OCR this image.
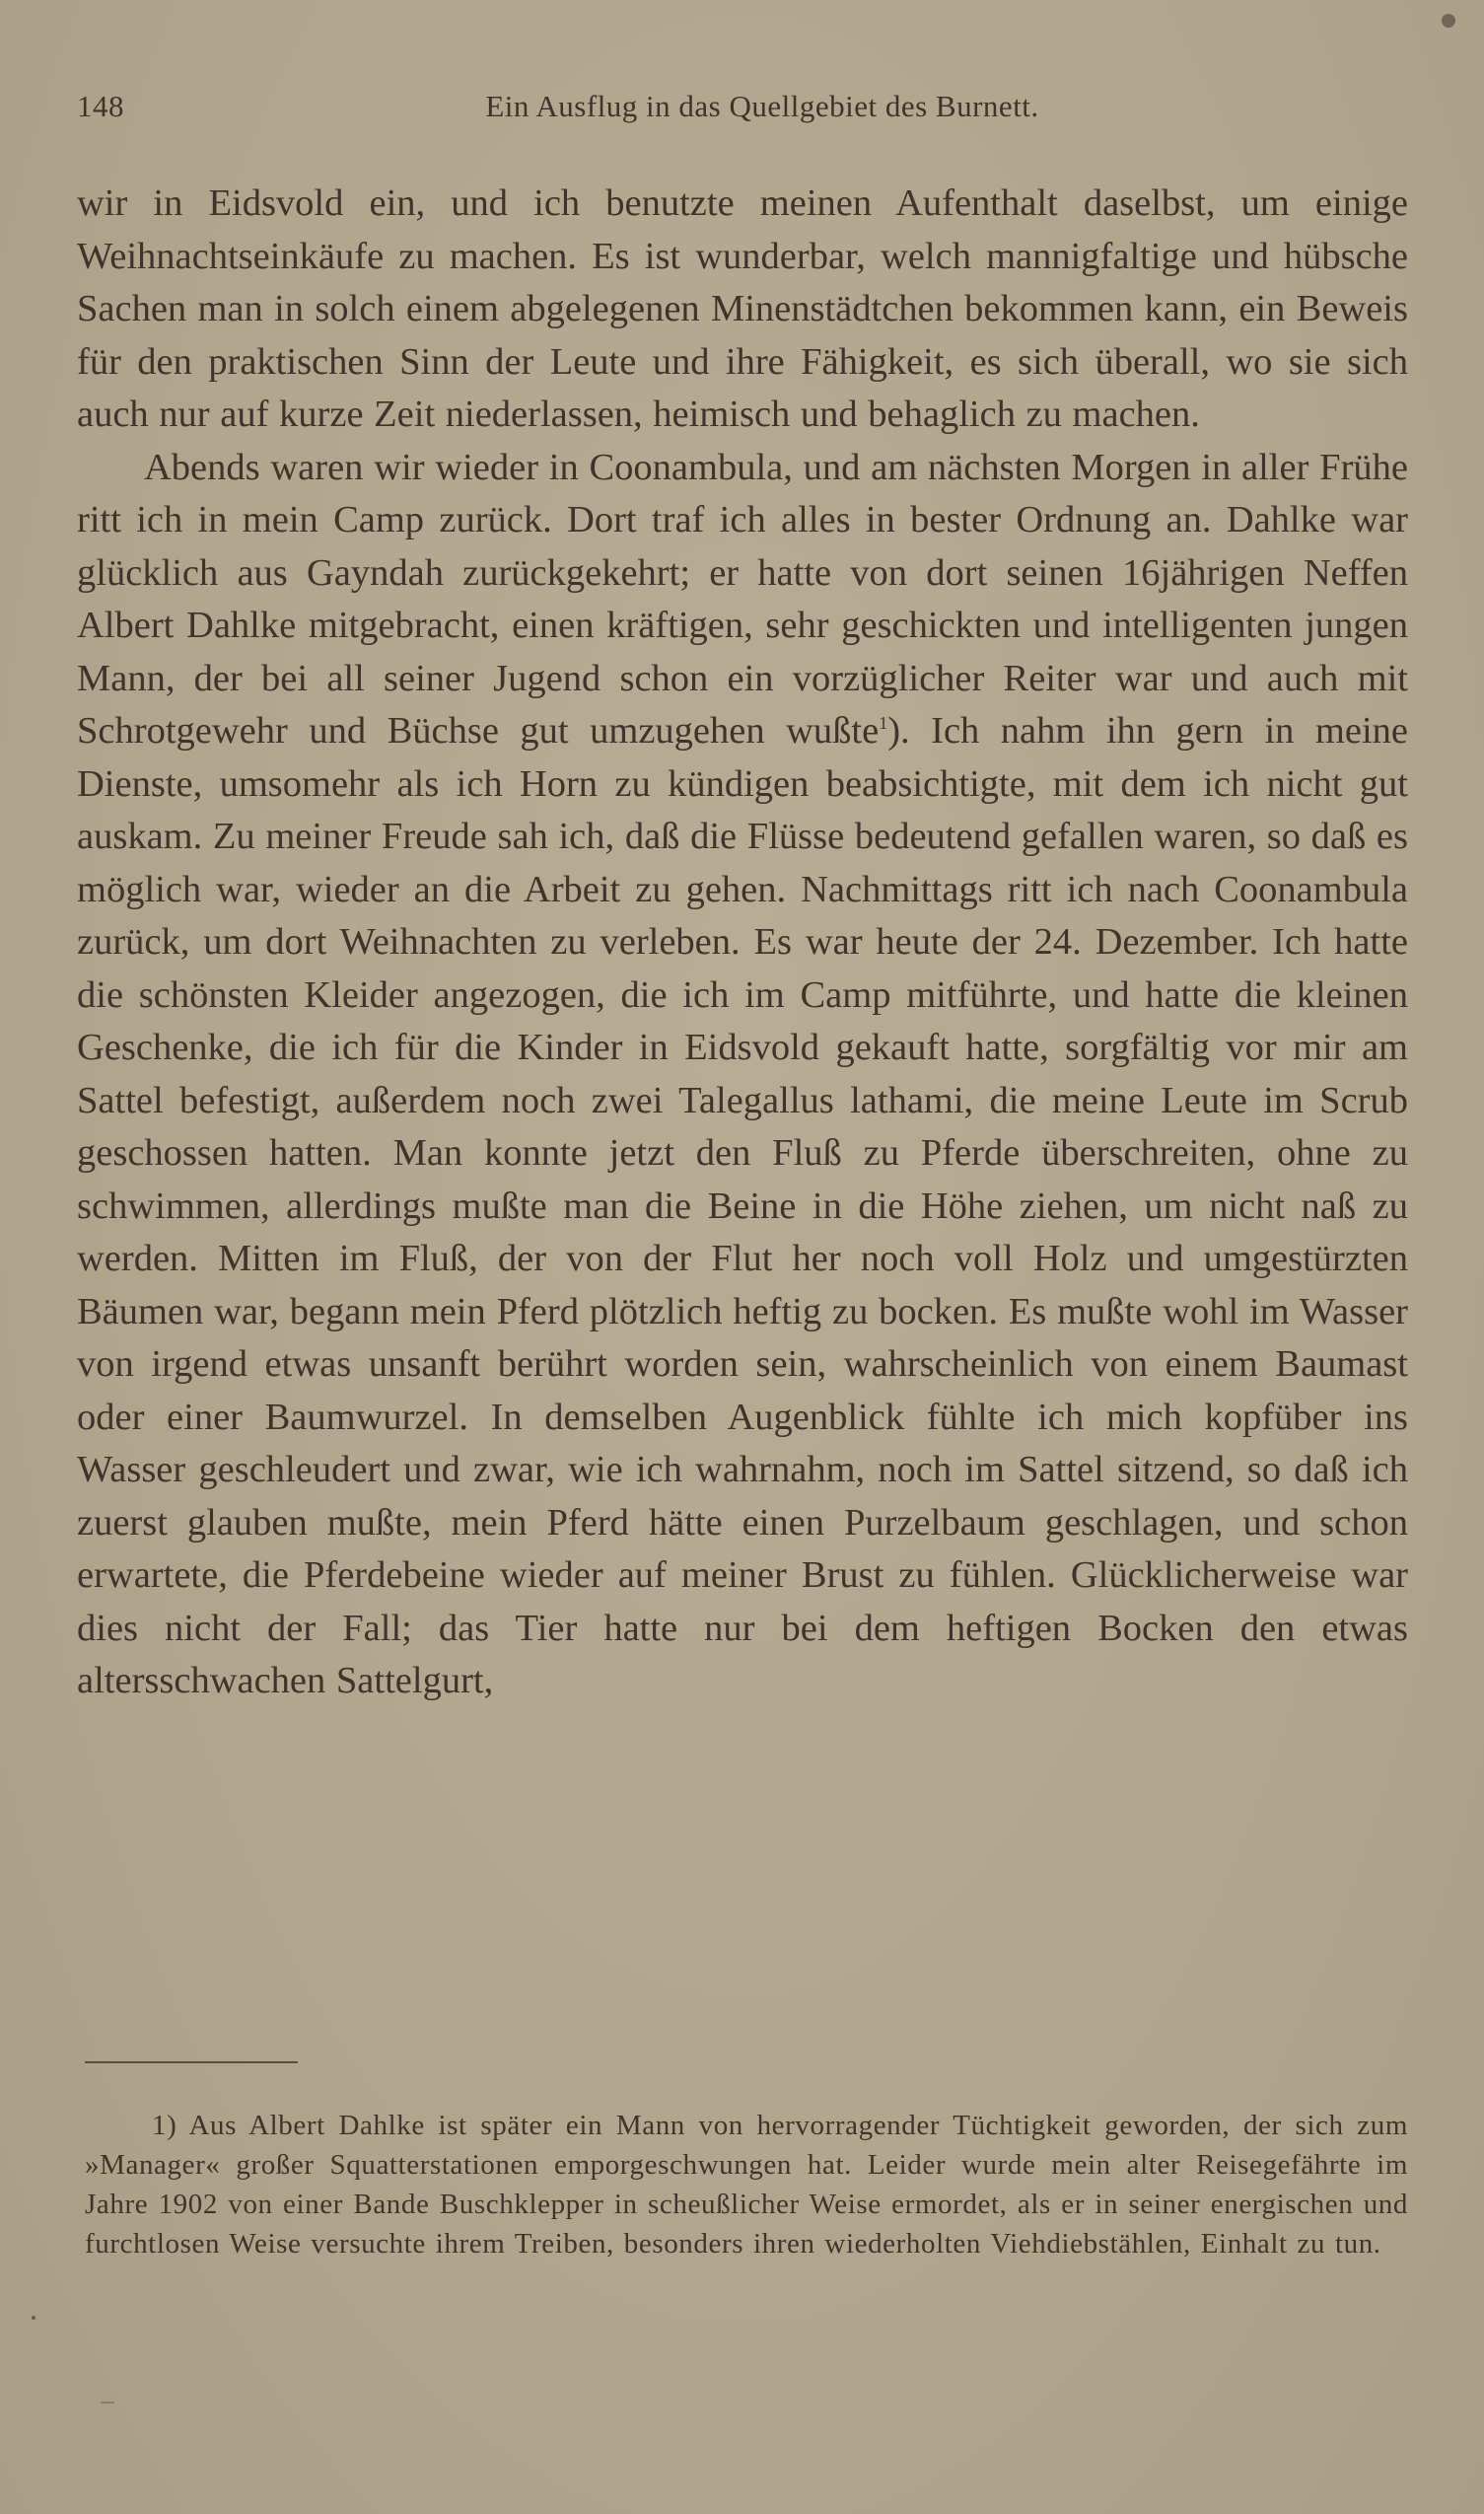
148	Ein Ausflug in das Quellgebiet des Burnett.

wir in Eidsvold ein, und ich benutzte meinen Aufenthalt daselbst, um einige Weihnachtseinkäufe zu machen. Es ist wunderbar, welch mannigfaltige und hübsche Sachen man in solch einem abgelegenen Minenstädtchen bekommen kann, ein Beweis für den praktischen Sinn der Leute und ihre Fähigkeit, es sich überall, wo sie sich auch nur auf kurze Zeit niederlassen, heimisch und behaglich zu machen.

Abends waren wir wieder in Coonambula, und am nächsten Morgen in aller Frühe ritt ich in mein Camp zurück. Dort traf ich alles in bester Ordnung an. Dahlke war glücklich aus Gayndah zurückgekehrt; er hatte von dort seinen 16jährigen Neffen Albert Dahlke mitgebracht, einen kräftigen, sehr geschickten und intelligenten jungen Mann, der bei all seiner Jugend schon ein vorzüglicher Reiter war und auch mit Schrotgewehr und Büchse gut umzugehen wußte$^1$). Ich nahm ihn gern in meine Dienste, umsomehr als ich Horn zu kündigen beabsichtigte, mit dem ich nicht gut auskam. Zu meiner Freude sah ich, daß die Flüsse bedeutend gefallen waren, so daß es möglich war, wieder an die Arbeit zu gehen. Nachmittags ritt ich nach Coonambula zurück, um dort Weihnachten zu verleben. Es war heute der 24. Dezember. Ich hatte die schönsten Kleider angezogen, die ich im Camp mitführte, und hatte die kleinen Geschenke, die ich für die Kinder in Eidsvold gekauft hatte, sorgfältig vor mir am Sattel befestigt, außerdem noch zwei Talegallus lathami, die meine Leute im Scrub geschossen hatten. Man konnte jetzt den Fluß zu Pferde überschreiten, ohne zu schwimmen, allerdings mußte man die Beine in die Höhe ziehen, um nicht naß zu werden. Mitten im Fluß, der von der Flut her noch voll Holz und umgestürzten Bäumen war, begann mein Pferd plötzlich heftig zu bocken. Es mußte wohl im Wasser von irgend etwas unsanft berührt worden sein, wahrscheinlich von einem Baumast oder einer Baumwurzel. In demselben Augenblick fühlte ich mich kopfüber ins Wasser geschleudert und zwar, wie ich wahrnahm, noch im Sattel sitzend, so daß ich zuerst glauben mußte, mein Pferd hätte einen Purzelbaum geschlagen, und schon erwartete, die Pferdebeine wieder auf meiner Brust zu fühlen. Glücklicherweise war dies nicht der Fall; das Tier hatte nur bei dem heftigen Bocken den etwas altersschwachen Sattelgurt,

1) Aus Albert Dahlke ist später ein Mann von hervorragender Tüchtigkeit geworden, der sich zum »Manager« großer Squatterstationen emporgeschwungen hat. Leider wurde mein alter Reisegefährte im Jahre 1902 von einer Bande Buschklepper in scheußlicher Weise ermordet, als er in seiner energischen und furchtlosen Weise versuchte ihrem Treiben, besonders ihren wiederholten Viehdiebstählen, Einhalt zu tun.
